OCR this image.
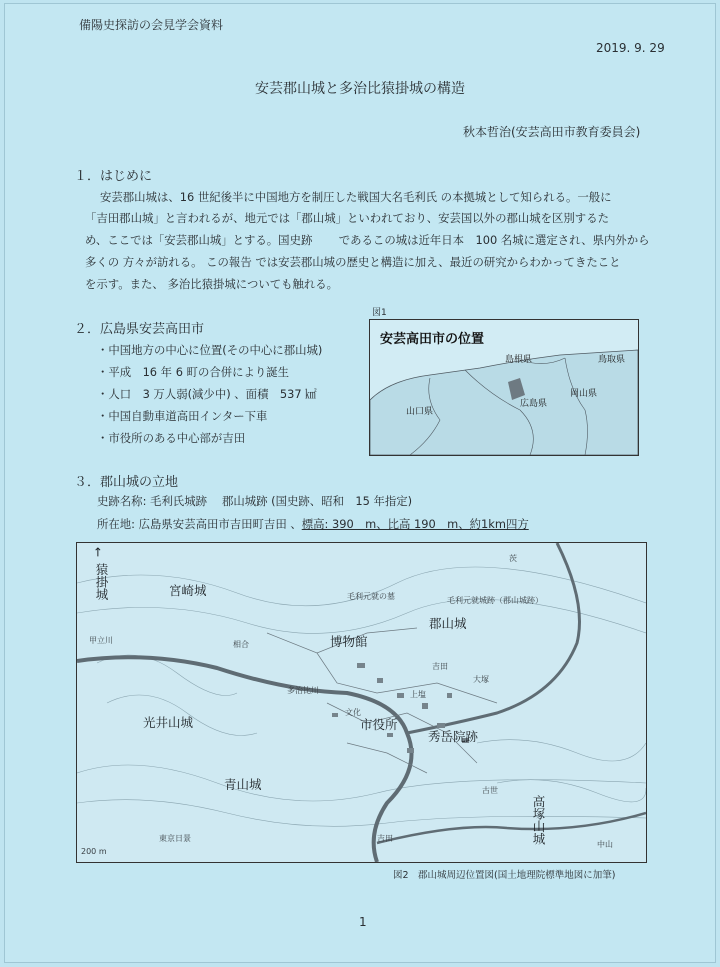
備陽史探訪の会見学会資料
2019. 9. 29
安芸郡山城と多治比猿掛城の構造
秋本哲治(安芸高田市教育委員会)
１．はじめに
安芸郡山城は、16 世紀後半に中国地方を制圧した戦国大名毛利氏 の本拠城として知られる。一般に
「吉田郡山城」と言われるが、地元では「郡山城」といわれており、安芸国以外の郡山城を区別するた
め、ここでは「安芸郡山城」とする。国史跡　　 であるこの城は近年日本　100 名城に選定され、県内外から
多くの 方々が訪れる。 この報告 では安芸郡山城の歴史と構造に加え、最近の研究からわかってきたこと
を示す。また、 多治比猿掛城についても触れる。
２．広島県安芸高田市
・中国地方の中心に位置(その中心に郡山城)
・平成　16 年 6 町の合併により誕生
・人口　3 万人弱(減少中) 、面積　537 ㎢
・中国自動車道高田インター下車
・市役所のある中心部が吉田
図1
安芸高田市の位置
島根県	鳥取県
広島県
岡山県
山口県
３．郡山城の立地
史跡名称: 毛利氏城跡　 郡山城跡 (国史跡、昭和　15 年指定)
所在地: 広島県安芸高田市吉田町吉田 、標高: 390　m、比高 190　m、約1km四方
←
猿掛城	宮崎城
郡山城
博物館
市役所
光井山城
秀岳院跡
青山城
高塚山城
毛利元就の墓	毛利元就城跡（郡山城跡）
甲立川
多治比川
吉田
上塩
大塚
吉田
中山
東京日景
200 m
相合
文化
古世
茨
図2　郡山城周辺位置図(国土地理院標準地図に加筆)
1
